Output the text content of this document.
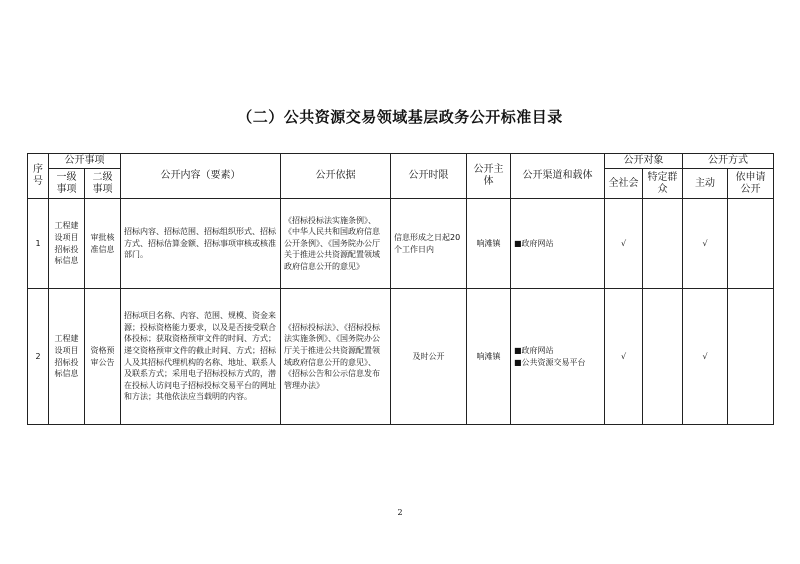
（二）公共资源交易领域基层政务公开标准目录
序号	公开事项		公开内容（要素）	公开依据	公开时限	公开主体	公开渠道和载体	公开对象		公开方式	
	一级事项	二级事项						全社会	特定群众	主动	依申请公开
1	工程建设项目招标投标信息	审批核准信息	招标内容、招标范围、招标组织形式、招标方式、招标估算金额、招标事项审核或核准部门。	《招标投标法实施条例》、《中华人民共和国政府信息公开条例》、《国务院办公厅关于推进公共资源配置领域政府信息公开的意见》	信息形成之日起20个工作日内	响滩镇	■政府网站	√		√	
2	工程建设项目招标投标信息	资格预审公告	招标项目名称、内容、范围、规模、资金来源；投标资格能力要求，以及是否接受联合体投标；获取资格预审文件的时间、方式；递交资格预审文件的截止时间、方式；招标人及其招标代理机构的名称、地址、联系人及联系方式；采用电子招标投标方式的，潜在投标人访问电子招标投标交易平台的网址和方法；其他依法应当载明的内容。	《招标投标法》、《招标投标法实施条例》、《国务院办公厅关于推进公共资源配置领域政府信息公开的意见》、《招标公告和公示信息发布管理办法》	及时公开	响滩镇	■政府网站
■公共资源交易平台	√		√	
2
